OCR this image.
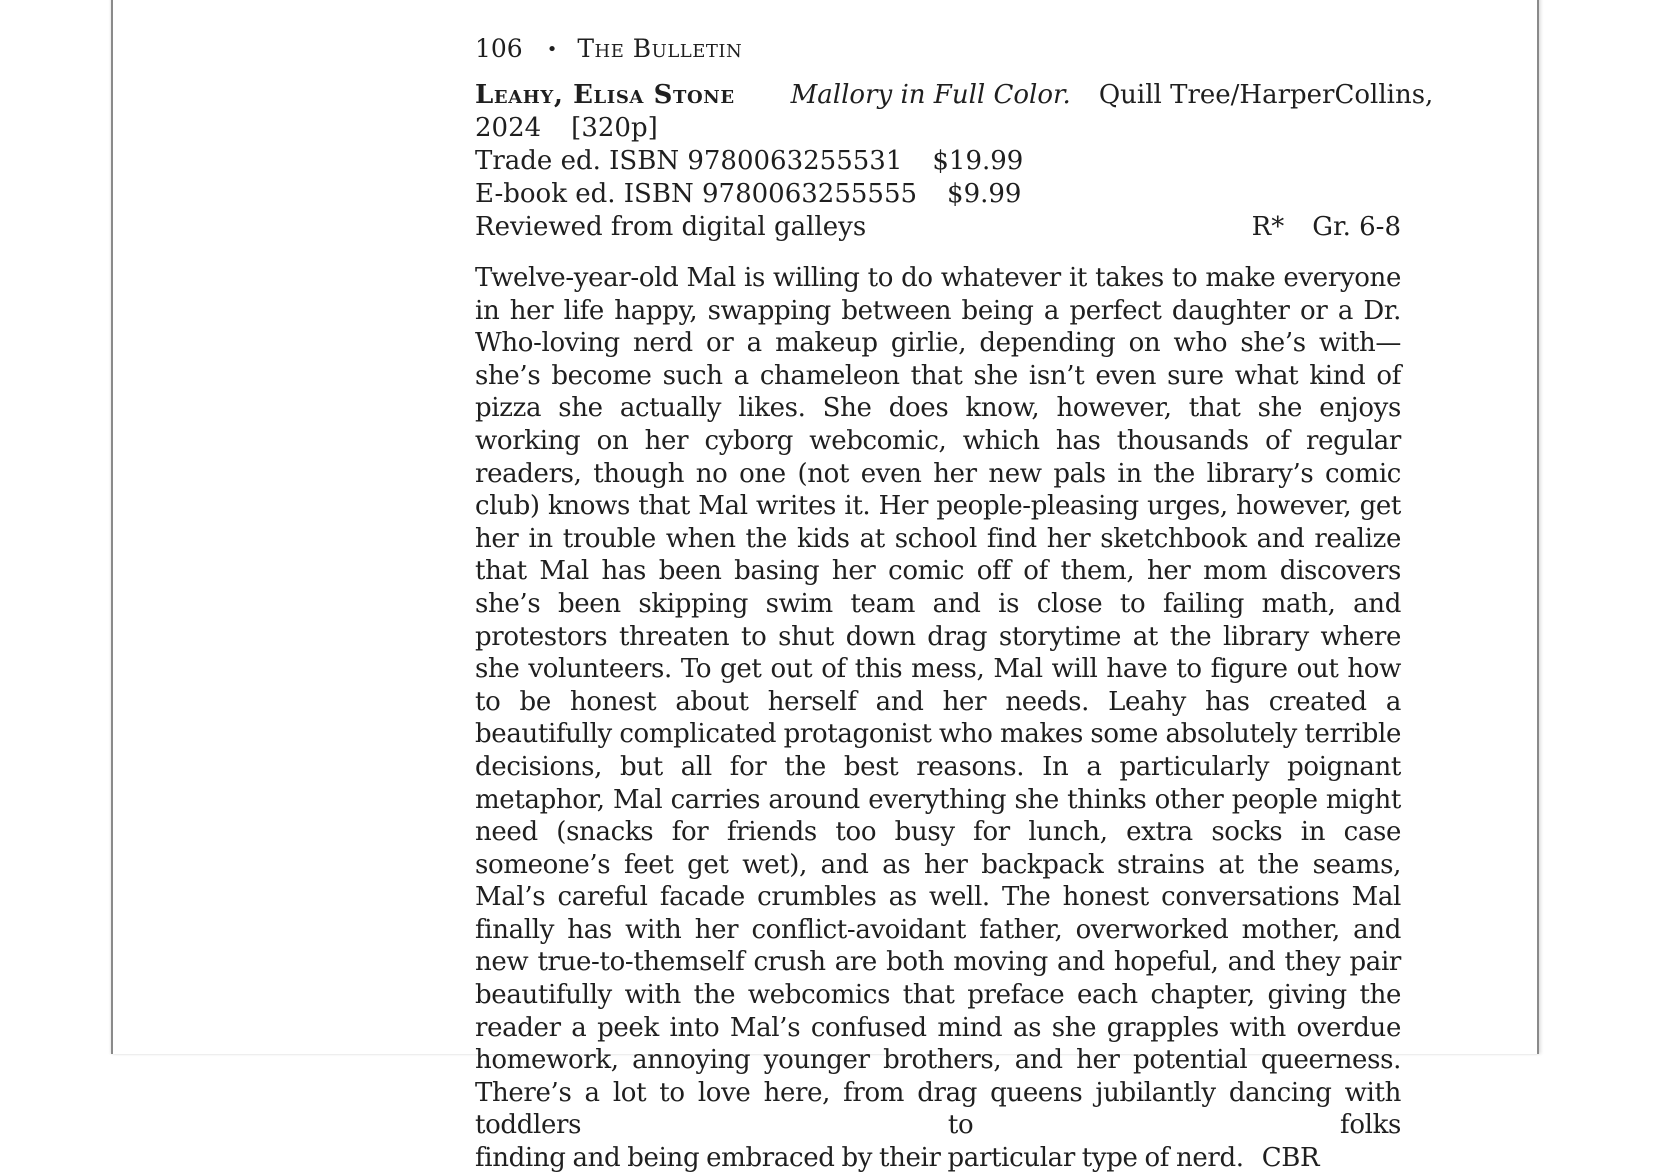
106 • The Bulletin
Leahy, Elisa Stone Mallory in Full Color. Quill Tree/HarperCollins,
2024 [320p]
Trade ed. ISBN 9780063255531 $19.99
E-book ed. ISBN 9780063255555 $9.99
Reviewed from digital galleys	R* Gr. 6-8

Twelve-year-old Mal is willing to do whatever it takes to make everyone in her life happy, swapping between being a perfect daughter or a Dr. Who-loving nerd or a makeup girlie, depending on who she’s with—she’s become such a chameleon that she isn’t even sure what kind of pizza she actually likes. She does know, however, that she enjoys working on her cyborg webcomic, which has thousands of regular readers, though no one (not even her new pals in the library’s comic club) knows that Mal writes it. Her people-pleasing urges, however, get her in trouble when the kids at school find her sketchbook and realize that Mal has been basing her comic off of them, her mom discovers she’s been skipping swim team and is close to failing math, and protestors threaten to shut down drag storytime at the library where she volunteers. To get out of this mess, Mal will have to figure out how to be honest about herself and her needs. Leahy has created a beautifully complicated protagonist who makes some absolutely terrible decisions, but all for the best reasons. In a particularly poignant metaphor, Mal carries around everything she thinks other people might need (snacks for friends too busy for lunch, extra socks in case someone’s feet get wet), and as her backpack strains at the seams, Mal’s careful facade crumbles as well. The honest conversations Mal finally has with her conflict-avoidant father, overworked mother, and new true-to-themself crush are both moving and hopeful, and they pair beautifully with the webcomics that preface each chapter, giving the reader a peek into Mal’s confused mind as she grapples with overdue homework, annoying younger brothers, and her potential queerness. There’s a lot to love here, from drag queens jubilantly dancing with toddlers to folks

finding and being embraced by their particular type of nerd. CBR
